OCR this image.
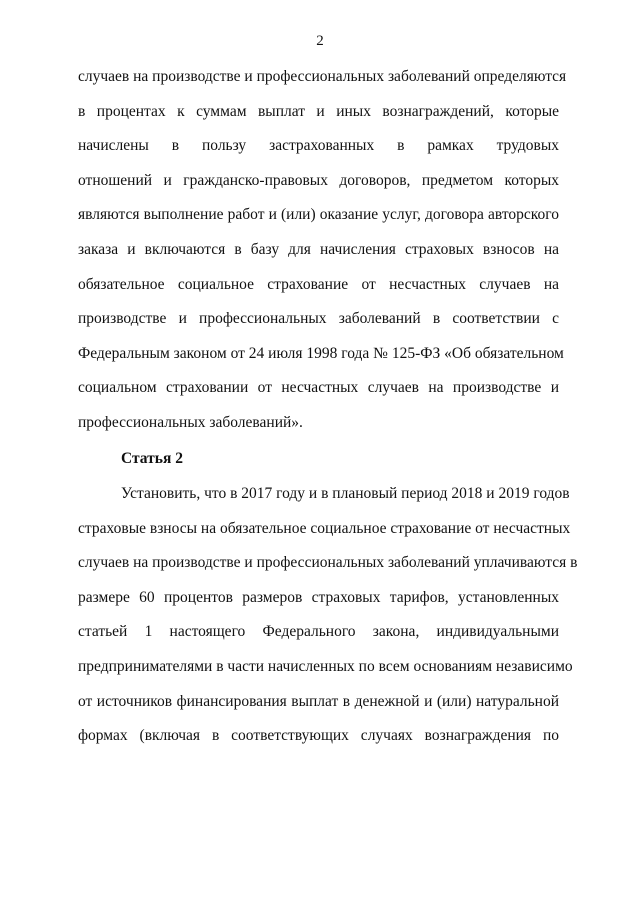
2
случаев на производстве и профессиональных заболеваний определяются
в процентах к суммам выплат и иных вознаграждений, которые
начислены в пользу застрахованных в рамках трудовых
отношений и гражданско-правовых договоров, предметом которых
являются выполнение работ и (или) оказание услуг, договора авторского
заказа и включаются в базу для начисления страховых взносов на
обязательное социальное страхование от несчастных случаев на
производстве и профессиональных заболеваний в соответствии с
Федеральным законом от 24 июля 1998 года № 125-ФЗ «Об обязательном
социальном страховании от несчастных случаев на производстве и
профессиональных заболеваний».
Статья 2
Установить, что в 2017 году и в плановый период 2018 и 2019 годов
страховые взносы на обязательное социальное страхование от несчастных
случаев на производстве и профессиональных заболеваний уплачиваются в
размере 60 процентов размеров страховых тарифов, установленных
статьей 1 настоящего Федерального закона, индивидуальными
предпринимателями в части начисленных по всем основаниям независимо
от источников финансирования выплат в денежной и (или) натуральной
формах (включая в соответствующих случаях вознаграждения по
